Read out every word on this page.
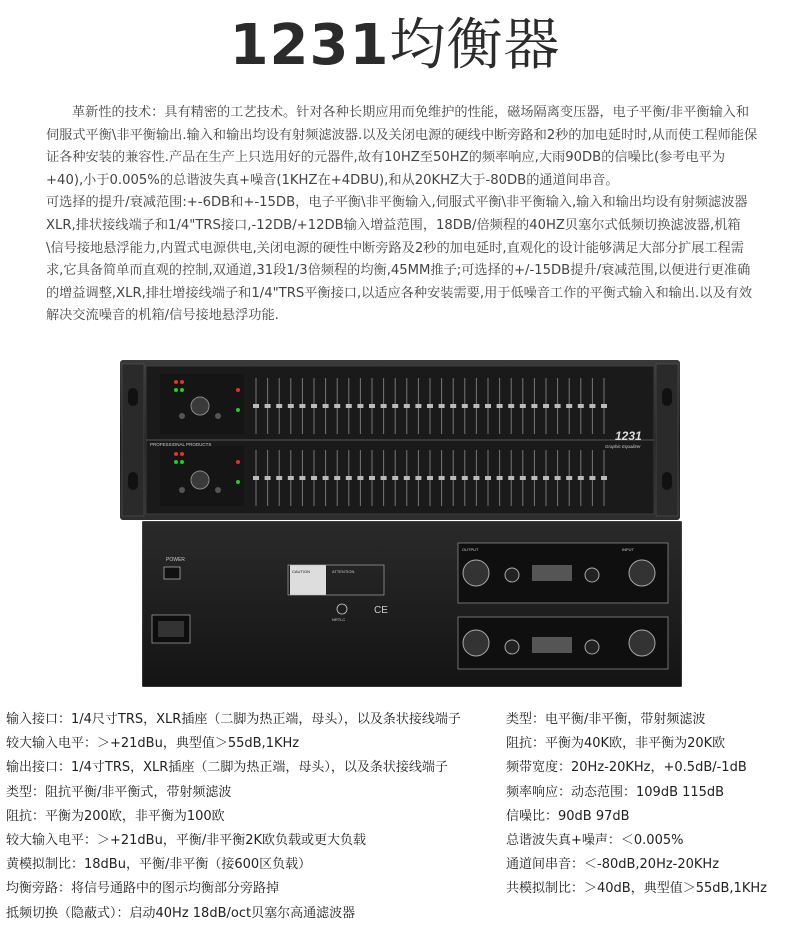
1231均衡器

革新性的技术：具有精密的工艺技术。针对各种长期应用而免维护的性能，磁场隔离变压器，电子平衡/非平衡输入和伺服式平衡\非平衡输出.输入和输出均设有射频滤波器.以及关闭电源的硬线中断旁路和2秒的加电延时时,从而使工程师能保证各种安装的兼容性.产品在生产上只选用好的元器件,故有10HZ至50HZ的频率响应,大雨90DB的信噪比(参考电平为+40),小于0.005%的总谐波失真+噪音(1KHZ在+4DBU),和从20KHZ大于-80DB的通道间串音。

可选择的提升/衰减范围:+-6DB和+-15DB，电子平衡\非平衡输入,伺服式平衡\非平衡输入,输入和输出均设有射频滤波器XLR,排状接线端子和1/4"TRS接口,-12DB/+12DB输入增益范围，18DB/倍频程的40HZ贝塞尔式低频切换滤波器,机箱\信号接地悬浮能力,内置式电源供电,关闭电源的硬性中断旁路及2秒的加电延时,直观化的设计能够满足大部分扩展工程需求,它具备简单而直观的控制,双通道,31段1/3倍频程的均衡,45MM推子;可选择的+/-15DB提升/衰减范围,以便进行更准确的增益调整,XLR,排壮增接线端子和1/4"TRS平衡接口,以适应各种安装需要,用于低噪音工作的平衡式输入和输出.以及有效解决交流噪音的机箱/信号接地悬浮功能.

PROFESSIONAL PRODUCTS
1231
Graphic Equalizer
POWER
CAUTION	ATTENTION
NRTLC
CE
OUTPUT	INPUT
输入接口：1/4尺寸TRS，XLR插座（二脚为热正端，母头），以及条状接线端子
较大输入电平：＞+21dBu，典型值＞55dB,1KHz
输出接口：1/4寸TRS，XLR插座（二脚为热正端，母头），以及条状接线端子
类型：阻抗平衡/非平衡式，带射频滤波
阻抗：平衡为200欧，非平衡为100欧
较大输入电平：＞+21dBu，平衡/非平衡2K欧负载或更大负载
黄模拟制比：18dBu，平衡/非平衡（接600区负载）
均衡旁路：将信号通路中的图示均衡部分旁路掉
抵频切换（隐蔽式）：启动40Hz 18dB/oct贝塞尔高通滤波器
类型：电平衡/非平衡，带射频滤波
阻抗：平衡为40K欧，非平衡为20K欧
频带宽度：20Hz-20KHz，+0.5dB/-1dB
频率响应：动态范围：109dB 115dB
信噪比：90dB 97dB
总谐波失真+噪声：＜0.005%
通道间串音：＜-80dB,20Hz-20KHz
共模拟制比：＞40dB，典型值＞55dB,1KHz
